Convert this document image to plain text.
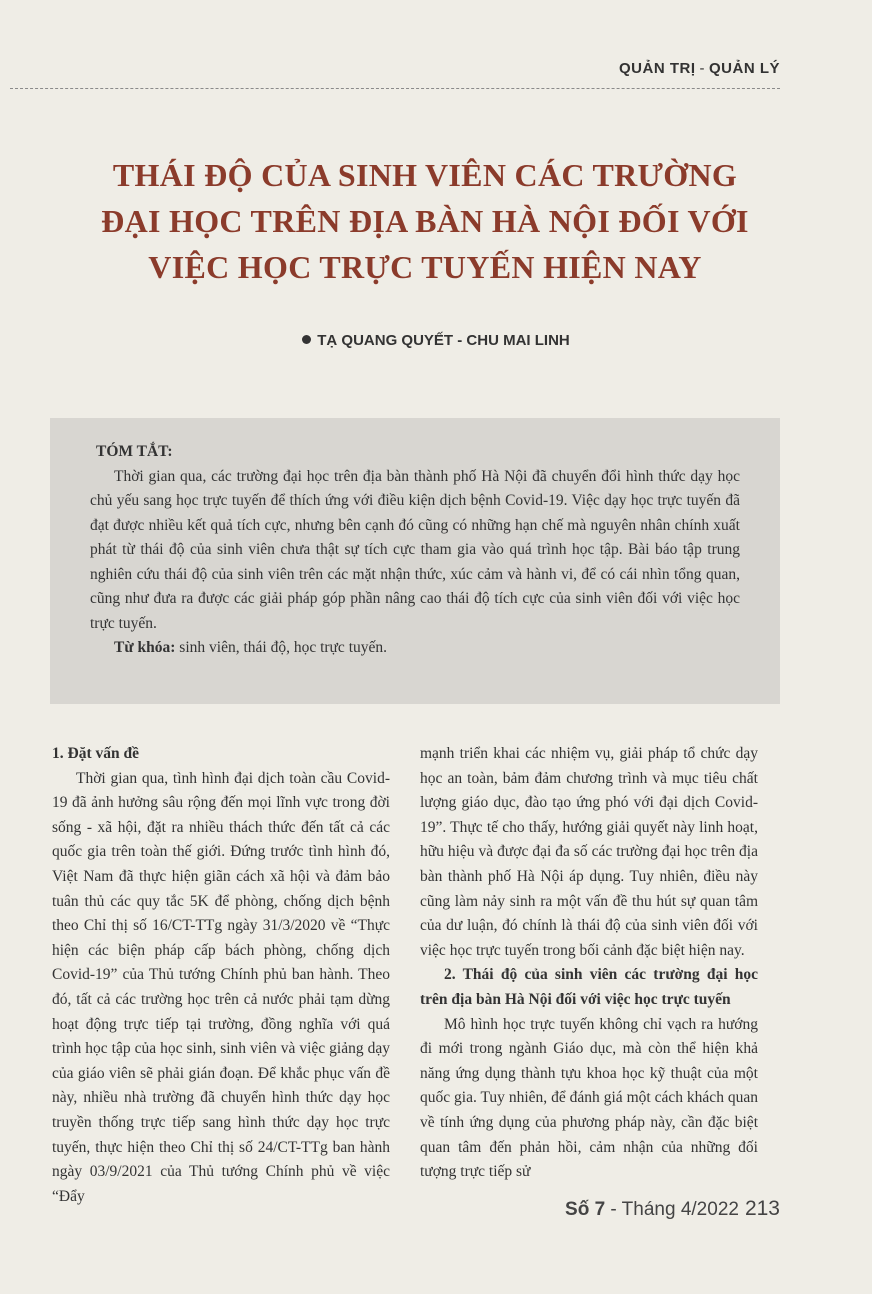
QUẢN TRỊ - QUẢN LÝ
THÁI ĐỘ CỦA SINH VIÊN CÁC TRƯỜNG
ĐẠI HỌC TRÊN ĐỊA BÀN HÀ NỘI ĐỐI VỚI
VIỆC HỌC TRỰC TUYẾN HIỆN NAY
TẠ QUANG QUYẾT - CHU MAI LINH
TÓM TẮT:

Thời gian qua, các trường đại học trên địa bàn thành phố Hà Nội đã chuyển đổi hình thức dạy học chủ yếu sang học trực tuyến để thích ứng với điều kiện dịch bệnh Covid-19. Việc dạy học trực tuyến đã đạt được nhiều kết quả tích cực, nhưng bên cạnh đó cũng có những hạn chế mà nguyên nhân chính xuất phát từ thái độ của sinh viên chưa thật sự tích cực tham gia vào quá trình học tập. Bài báo tập trung nghiên cứu thái độ của sinh viên trên các mặt nhận thức, xúc cảm và hành vi, để có cái nhìn tổng quan, cũng như đưa ra được các giải pháp góp phần nâng cao thái độ tích cực của sinh viên đối với việc học trực tuyến.

Từ khóa: sinh viên, thái độ, học trực tuyến.

1. Đặt vấn đề

Thời gian qua, tình hình đại dịch toàn cầu Covid-19 đã ảnh hưởng sâu rộng đến mọi lĩnh vực trong đời sống - xã hội, đặt ra nhiều thách thức đến tất cả các quốc gia trên toàn thế giới. Đứng trước tình hình đó, Việt Nam đã thực hiện giãn cách xã hội và đảm bảo tuân thủ các quy tắc 5K để phòng, chống dịch bệnh theo Chỉ thị số 16/CT-TTg ngày 31/3/2020 về “Thực hiện các biện pháp cấp bách phòng, chống dịch Covid-19” của Thủ tướng Chính phủ ban hành. Theo đó, tất cả các trường học trên cả nước phải tạm dừng hoạt động trực tiếp tại trường, đồng nghĩa với quá trình học tập của học sinh, sinh viên và việc giảng dạy của giáo viên sẽ phải gián đoạn. Để khắc phục vấn đề này, nhiều nhà trường đã chuyển hình thức dạy học truyền thống trực tiếp sang hình thức dạy học trực tuyến, thực hiện theo Chỉ thị số 24/CT-TTg ban hành ngày 03/9/2021 của Thủ tướng Chính phủ về việc “Đẩy

mạnh triển khai các nhiệm vụ, giải pháp tổ chức dạy học an toàn, bảm đảm chương trình và mục tiêu chất lượng giáo dục, đào tạo ứng phó với đại dịch Covid-19”. Thực tế cho thấy, hướng giải quyết này linh hoạt, hữu hiệu và được đại đa số các trường đại học trên địa bàn thành phố Hà Nội áp dụng. Tuy nhiên, điều này cũng làm nảy sinh ra một vấn đề thu hút sự quan tâm của dư luận, đó chính là thái độ của sinh viên đối với việc học trực tuyến trong bối cảnh đặc biệt hiện nay.

2. Thái độ của sinh viên các trường đại học trên địa bàn Hà Nội đối với việc học trực tuyến

Mô hình học trực tuyến không chỉ vạch ra hướng đi mới trong ngành Giáo dục, mà còn thể hiện khả năng ứng dụng thành tựu khoa học kỹ thuật của một quốc gia. Tuy nhiên, để đánh giá một cách khách quan về tính ứng dụng của phương pháp này, cần đặc biệt quan tâm đến phản hồi, cảm nhận của những đối tượng trực tiếp sử

Số 7 - Tháng 4/2022 213
